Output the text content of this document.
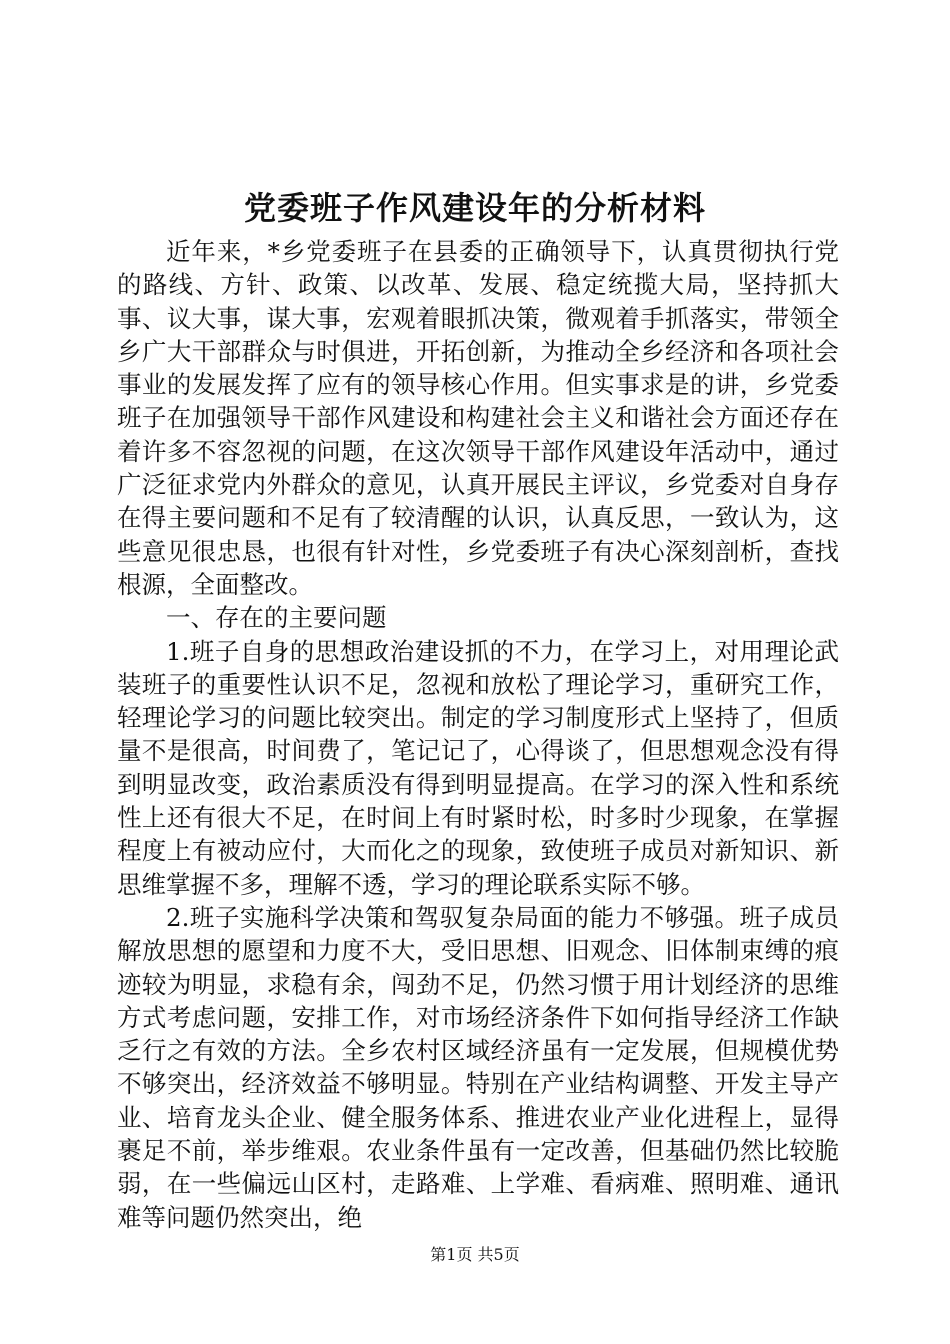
党委班子作风建设年的分析材料

近年来，*乡党委班子在县委的正确领导下，认真贯彻执行党的路线、方针、政策、以改革、发展、稳定统揽大局，坚持抓大事、议大事，谋大事，宏观着眼抓决策，微观着手抓落实，带领全乡广大干部群众与时俱进，开拓创新，为推动全乡经济和各项社会事业的发展发挥了应有的领导核心作用。但实事求是的讲，乡党委班子在加强领导干部作风建设和构建社会主义和谐社会方面还存在着许多不容忽视的问题，在这次领导干部作风建设年活动中，通过广泛征求党内外群众的意见，认真开展民主评议，乡党委对自身存在得主要问题和不足有了较清醒的认识，认真反思，一致认为，这些意见很忠恳，也很有针对性，乡党委班子有决心深刻剖析，查找根源，全面整改。

一、存在的主要问题

1.班子自身的思想政治建设抓的不力，在学习上，对用理论武装班子的重要性认识不足，忽视和放松了理论学习，重研究工作，轻理论学习的问题比较突出。制定的学习制度形式上坚持了，但质量不是很高，时间费了，笔记记了，心得谈了，但思想观念没有得到明显改变，政治素质没有得到明显提高。在学习的深入性和系统性上还有很大不足，在时间上有时紧时松，时多时少现象，在掌握程度上有被动应付，大而化之的现象，致使班子成员对新知识、新思维掌握不多，理解不透，学习的理论联系实际不够。

2.班子实施科学决策和驾驭复杂局面的能力不够强。班子成员解放思想的愿望和力度不大，受旧思想、旧观念、旧体制束缚的痕迹较为明显，求稳有余，闯劲不足，仍然习惯于用计划经济的思维方式考虑问题，安排工作，对市场经济条件下如何指导经济工作缺乏行之有效的方法。全乡农村区域经济虽有一定发展，但规模优势不够突出，经济效益不够明显。特别在产业结构调整、开发主导产业、培育龙头企业、健全服务体系、推进农业产业化进程上，显得裹足不前，举步维艰。农业条件虽有一定改善，但基础仍然比较脆弱，在一些偏远山区村，走路难、上学难、看病难、照明难、通讯难等问题仍然突出，绝

第1页 共5页
